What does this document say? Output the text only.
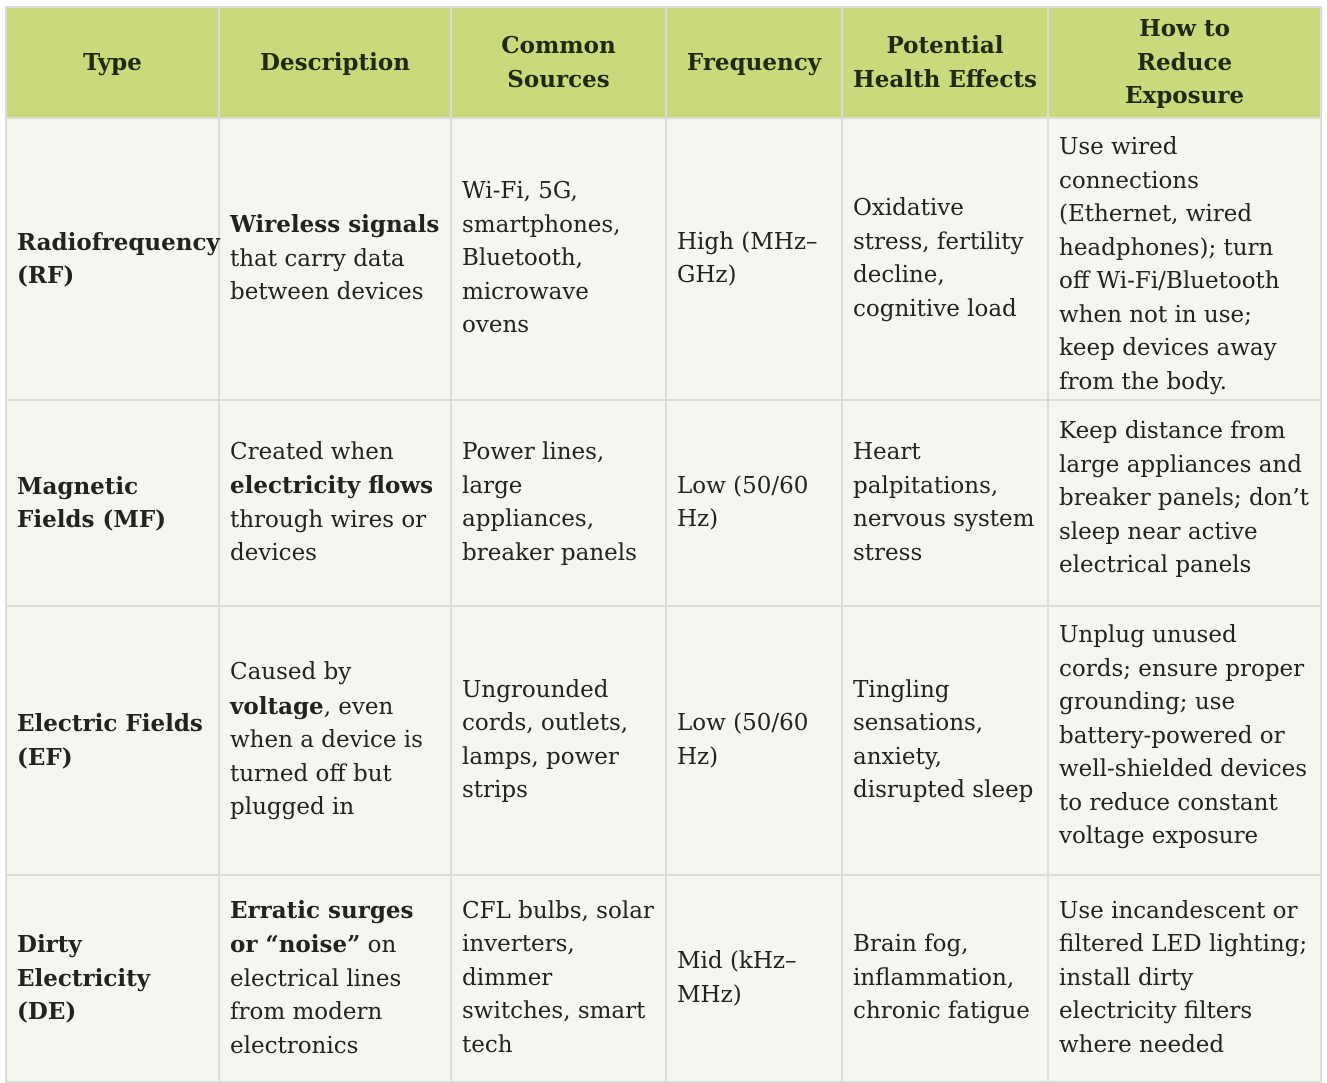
Type	Description	Common Sources	Frequency	Potential Health Effects	How to Reduce Exposure
Radiofrequency (RF)	Wireless signals that carry data between devices	Wi-Fi, 5G, smartphones, Bluetooth, microwave ovens	High (MHz–GHz)	Oxidative stress, fertility decline, cognitive load	Use wired connections (Ethernet, wired headphones); turn off Wi-Fi/Bluetooth when not in use; keep devices away from the body.
Magnetic Fields (MF)	Created when electricity flows through wires or devices	Power lines, large appliances, breaker panels	Low (50/60 Hz)	Heart palpitations, nervous system stress	Keep distance from large appliances and breaker panels; don’t sleep near active electrical panels
Electric Fields (EF)	Caused by voltage, even when a device is turned off but plugged in	Ungrounded cords, outlets, lamps, power strips	Low (50/60 Hz)	Tingling sensations, anxiety, disrupted sleep	Unplug unused cords; ensure proper grounding; use battery-powered or well-shielded devices to reduce constant voltage exposure
Dirty Electricity (DE)	Erratic surges or “noise” on electrical lines from modern electronics	CFL bulbs, solar inverters, dimmer switches, smart tech	Mid (kHz–MHz)	Brain fog, inflammation, chronic fatigue	Use incandescent or filtered LED lighting; install dirty electricity filters where needed
